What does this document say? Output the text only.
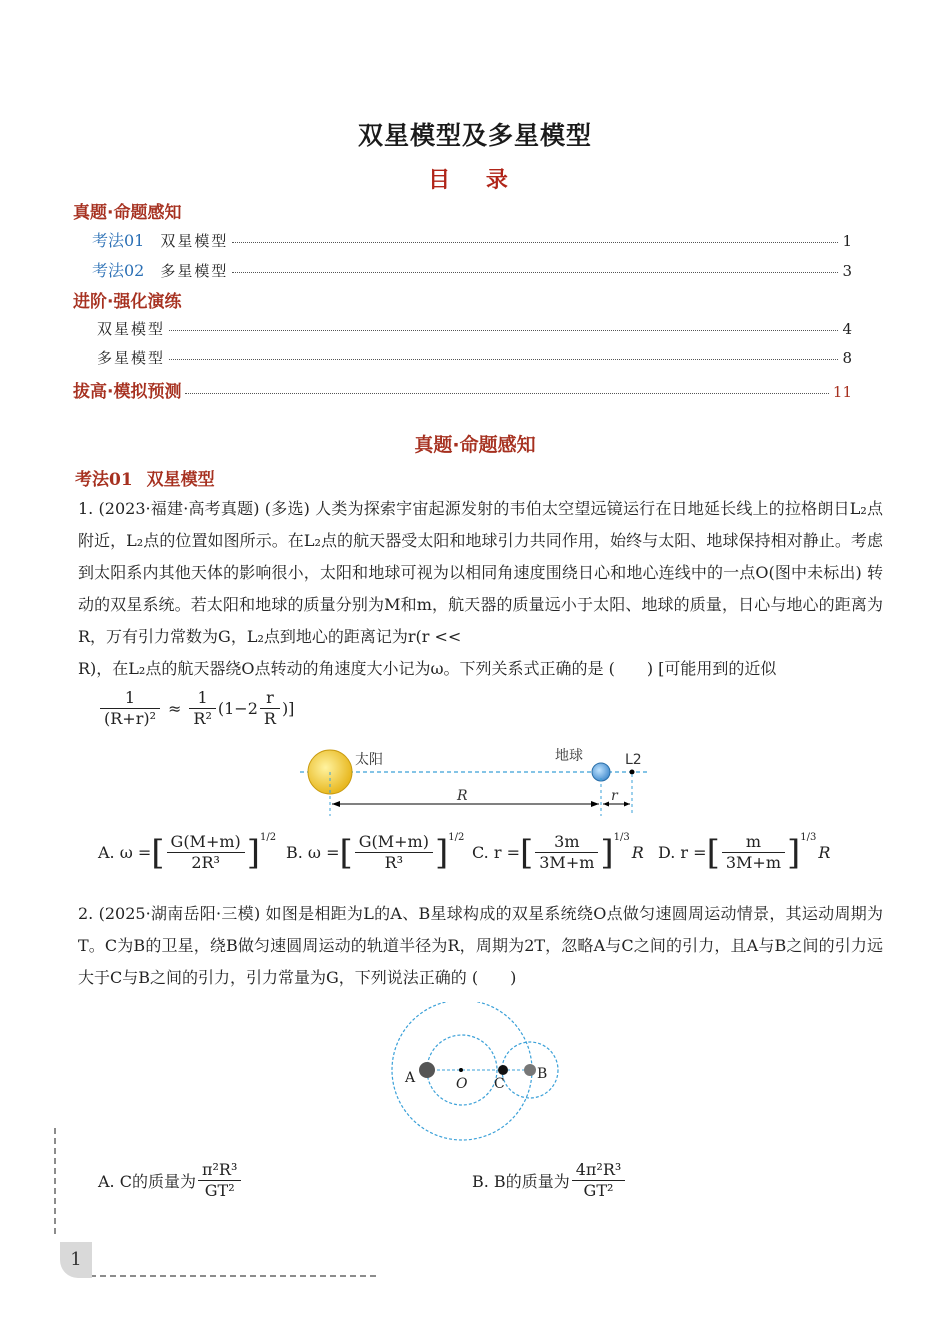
双星模型及多星模型
目 录
真题·命题感知
考法01 双星模型	1
考法02 多星模型	3
进阶·强化演练
双星模型	4
多星模型	8
拔高·模拟预测	11
真题·命题感知
考法01 双星模型
1. (2023·福建·高考真题) (多选) 人类为探索宇宙起源发射的韦伯太空望远镜运行在日地延长线上的拉格朗日L₂点附近，L₂点的位置如图所示。在L₂点的航天器受太阳和地球引力共同作用，始终与太阳、地球保持相对静止。考虑到太阳系内其他天体的影响很小，太阳和地球可视为以相同角速度围绕日心和地心连线中的一点O(图中未标出) 转动的双星系统。若太阳和地球的质量分别为M和m，航天器的质量远小于太阳、地球的质量，日心与地心的距离为R，万有引力常数为G，L₂点到地心的距离记为r(r <<
R)，在L₂点的航天器绕O点转动的角速度大小记为ω。下列关系式正确的是 (　　) [可能用到的近似
$\frac{1}{\text{(R+r)²}} \approx \frac{1}{\text{R²}} (1-2 \frac{r}{R}$ )]
太阳	地球	L2
R	r
A. ω = [ $\frac{G(M+m)}{\text{2R³}}$ ] 1/2
B. ω = [ $\frac{G(M+m)}{\text{R³}}$ ] 1/2
C. r = [ $\frac{3m}{3M+m}$ ] 1/3
R D. r = [ $\frac{m}{3M+m}$ ] 1/3
R
2. (2025·湖南岳阳·三模) 如图是相距为L的A、B星球构成的双星系统绕O点做匀速圆周运动情景，其运动周期为T。C为B的卫星，绕B做匀速圆周运动的轨道半径为R，周期为2T，忽略A与C之间的引力，且A与B之间的引力远大于C与B之间的引力，引力常量为G，下列说法正确的 (　　)
A	O C
B
A. C的质量为 $\frac{\text{π²R³}}{\text{GT²}}$	B. B的质量为 $\frac{\text{4π²R³}}{\text{GT²}}$
1
